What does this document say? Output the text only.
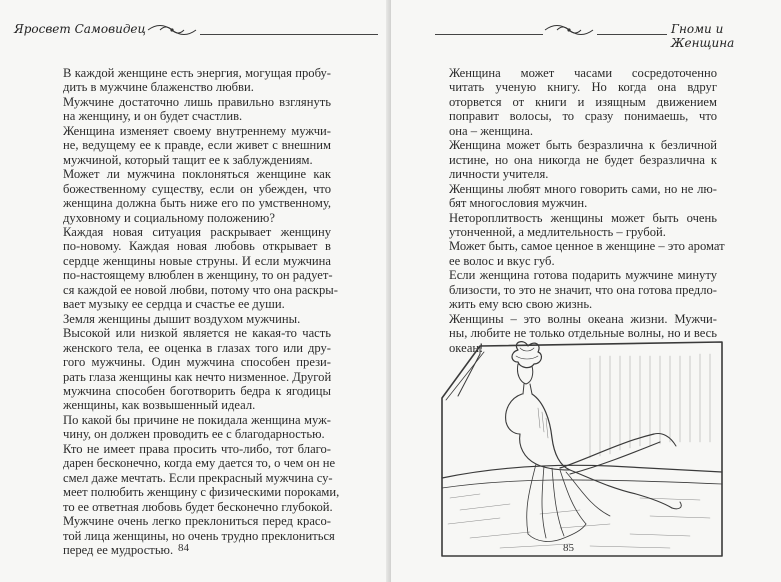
Яросвет Самовидец
В каждой женщине есть энергия, могущая пробу-
дить в мужчине блаженство любви.
Мужчине достаточно лишь правильно взглянуть
на женщину, и он будет счастлив.
Женщина изменяет своему внутреннему мужчи-
не, ведущему ее к правде, если живет с внешним
мужчиной, который тащит ее к заблуждениям.
Может ли мужчина поклоняться женщине как
божественному существу, если он убежден, что
женщина должна быть ниже его по умственному,
духовному и социальному положению?
Каждая новая ситуация раскрывает женщину
по-новому. Каждая новая любовь открывает в
сердце женщины новые струны. И если мужчина
по-настоящему влюблен в женщину, то он радует-
ся каждой ее новой любви, потому что она раскры-
вает музыку ее сердца и счастье ее души.
Земля женщины дышит воздухом мужчины.
Высокой или низкой является не какая-то часть
женского тела, ее оценка в глазах того или дру-
гого мужчины. Один мужчина способен прези-
рать глаза женщины как нечто низменное. Другой
мужчина способен боготворить бедра к ягодицы
женщины, как возвышенный идеал.
По какой бы причине не покидала женщина муж-
чину, он должен проводить ее с благодарностью.
Кто не имеет права просить что-либо, тот благо-
дарен бесконечно, когда ему дается то, о чем он не
смел даже мечтать. Если прекрасный мужчина су-
меет полюбить женщину с физическими пороками,
то ее ответная любовь будет бесконечно глубокой.
Мужчине очень легко преклониться перед красо-
той лица женщины, но очень трудно преклониться
перед ее мудростью. 84
Гноми и Женщина
Женщина может часами сосредоточенно
читать ученую книгу. Но когда она вдруг
оторвется от книги и изящным движением
поправит волосы, то сразу понимаешь, что
она – женщина.
Женщина может быть безразлична к безличной
истине, но она никогда не будет безразлична к
личности учителя.
Женщины любят много говорить сами, но не лю-
бят многословия мужчин.
Нетороплитвость женщины может быть очень
утонченной, а медлительность – грубой.
Может быть, самое ценное в женщине – это аромат
ее волос и вкус губ.
Если женщина готова подарить мужчине минуту
близости, то это не значит, что она готова предло-
жить ему всю свою жизнь.
Женщины – это волны океана жизни. Мужчи-
ны, любите не только отдельные волны, но и весь
океан!
85
